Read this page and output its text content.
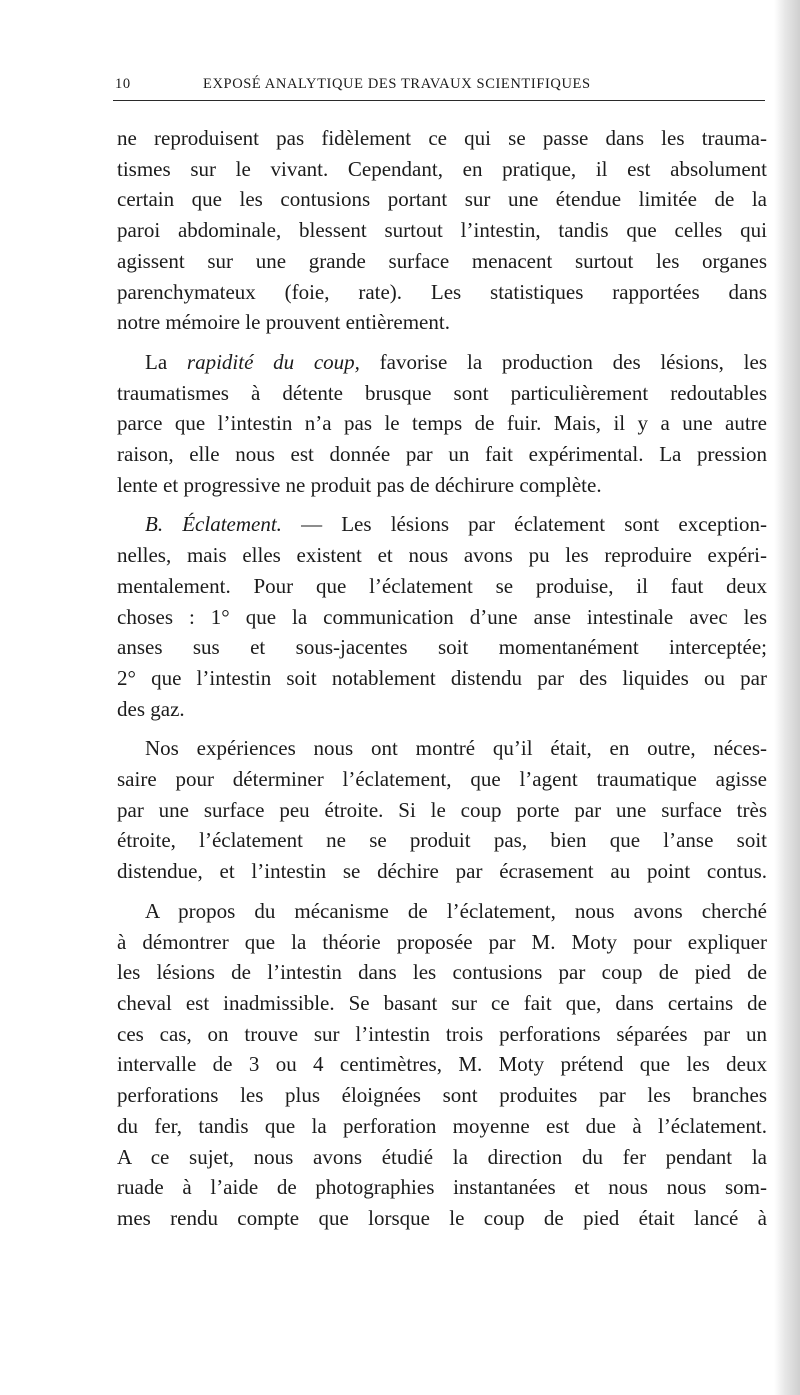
10	EXPOSÉ ANALYTIQUE DES TRAVAUX SCIENTIFIQUES

ne reproduisent pas fidèlement ce qui se passe dans les trauma-
tismes sur le vivant. Cependant, en pratique, il est absolument
certain que les contusions portant sur une étendue limitée de la
paroi abdominale, blessent surtout l’intestin, tandis que celles qui
agissent sur une grande surface menacent surtout les organes
parenchymateux (foie, rate). Les statistiques rapportées dans
notre mémoire le prouvent entièrement.

La rapidité du coup, favorise la production des lésions, les
traumatismes à détente brusque sont particulièrement redoutables
parce que l’intestin n’a pas le temps de fuir. Mais, il y a une autre
raison, elle nous est donnée par un fait expérimental. La pression
lente et progressive ne produit pas de déchirure complète.

B. Éclatement. — Les lésions par éclatement sont exception-
nelles, mais elles existent et nous avons pu les reproduire expéri-
mentalement. Pour que l’éclatement se produise, il faut deux
choses : 1° que la communication d’une anse intestinale avec les
anses sus et sous-jacentes soit momentanément interceptée;
2° que l’intestin soit notablement distendu par des liquides ou par
des gaz.

Nos expériences nous ont montré qu’il était, en outre, néces-
saire pour déterminer l’éclatement, que l’agent traumatique agisse
par une surface peu étroite. Si le coup porte par une surface très
étroite, l’éclatement ne se produit pas, bien que l’anse soit
distendue, et l’intestin se déchire par écrasement au point contus.

A propos du mécanisme de l’éclatement, nous avons cherché
à démontrer que la théorie proposée par M. Moty pour expliquer
les lésions de l’intestin dans les contusions par coup de pied de
cheval est inadmissible. Se basant sur ce fait que, dans certains de
ces cas, on trouve sur l’intestin trois perforations séparées par un
intervalle de 3 ou 4 centimètres, M. Moty prétend que les deux
perforations les plus éloignées sont produites par les branches
du fer, tandis que la perforation moyenne est due à l’éclatement.
A ce sujet, nous avons étudié la direction du fer pendant la
ruade à l’aide de photographies instantanées et nous nous som-
mes rendu compte que lorsque le coup de pied était lancé à
